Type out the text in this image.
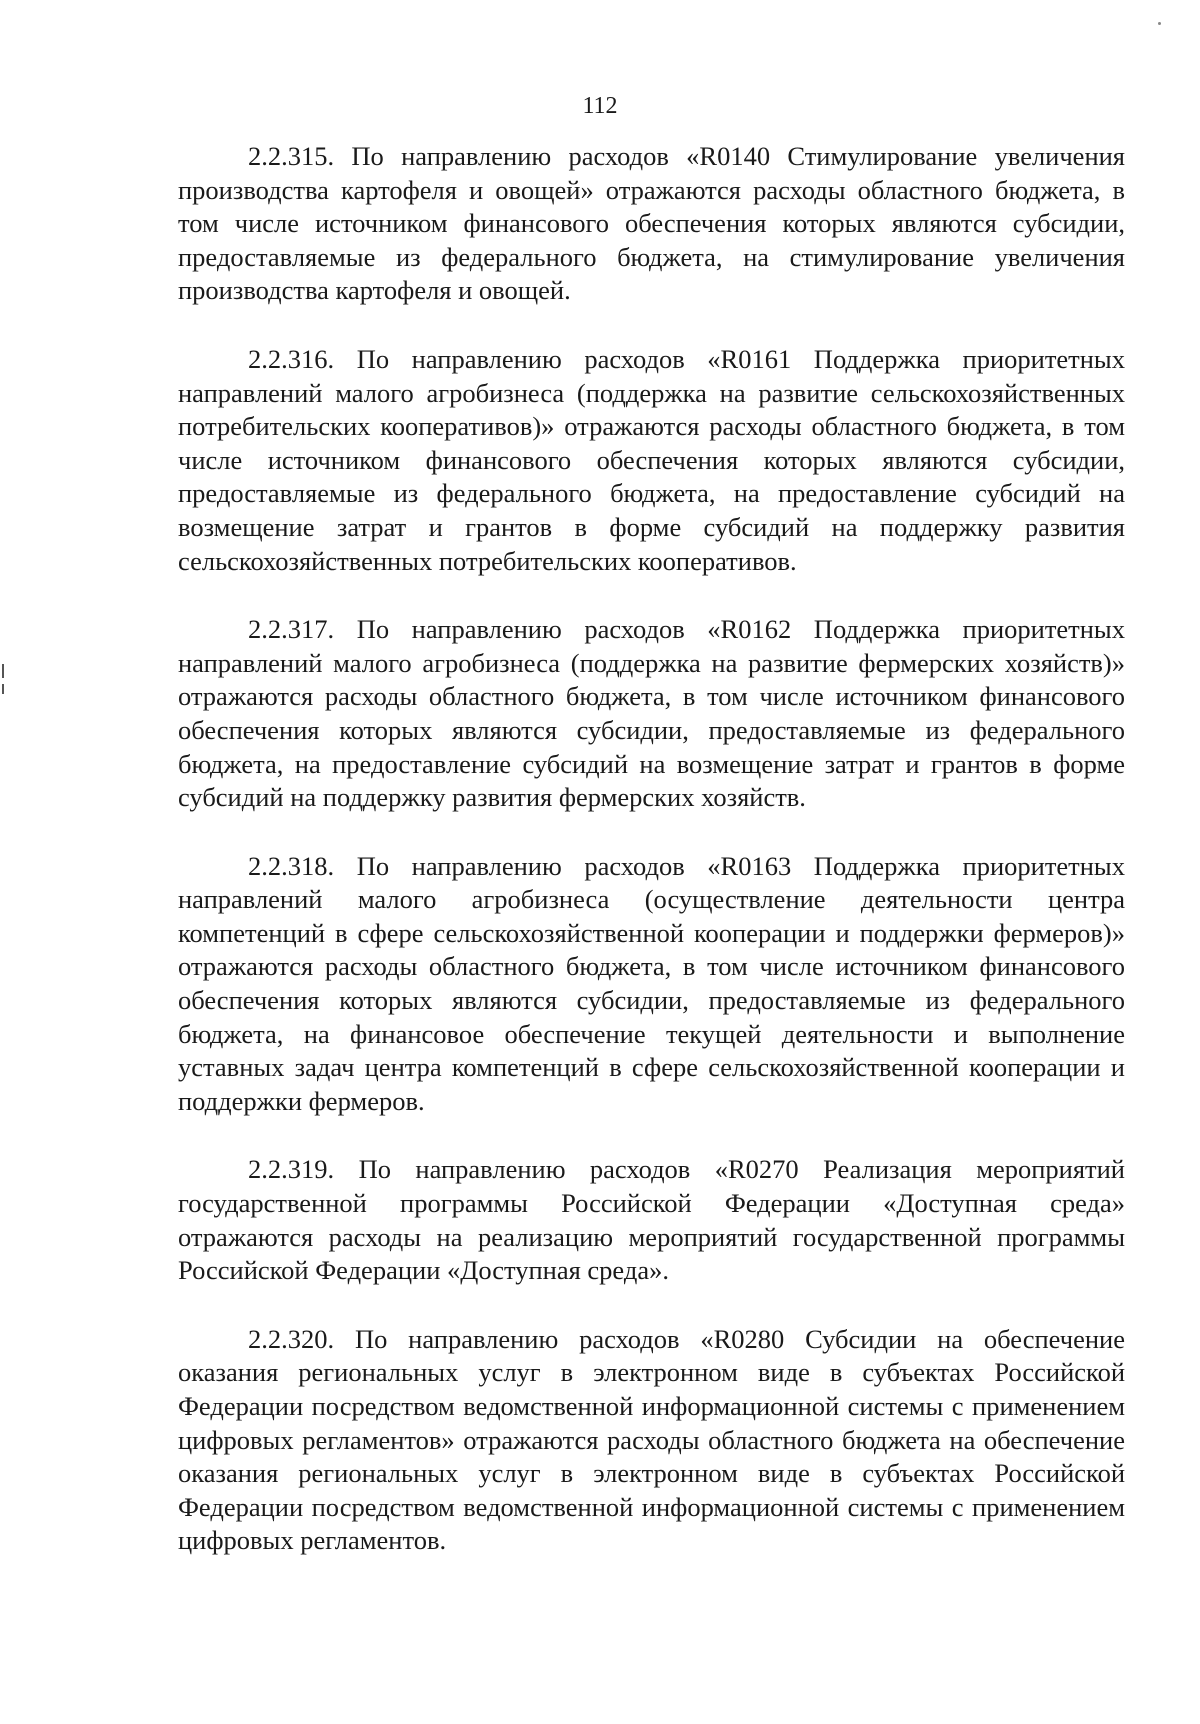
112

2.2.315. По направлению расходов «R0140 Стимулирование увеличения производства картофеля и овощей» отражаются расходы областного бюджета, в том числе источником финансового обеспечения которых являются субсидии, предоставляемые из федерального бюджета, на стимулирование увеличения производства картофеля и овощей.

2.2.316. По направлению расходов «R0161 Поддержка приоритетных направлений малого агробизнеса (поддержка на развитие сельскохозяйственных потребительских кооперативов)» отражаются расходы областного бюджета, в том числе источником финансового обеспечения которых являются субсидии, предоставляемые из федерального бюджета, на предоставление субсидий на возмещение затрат и грантов в форме субсидий на поддержку развития сельскохозяйственных потребительских кооперативов.

2.2.317. По направлению расходов «R0162 Поддержка приоритетных направлений малого агробизнеса (поддержка на развитие фермерских хозяйств)» отражаются расходы областного бюджета, в том числе источником финансового обеспечения которых являются субсидии, предоставляемые из федерального бюджета, на предоставление субсидий на возмещение затрат и грантов в форме субсидий на поддержку развития фермерских хозяйств.

2.2.318. По направлению расходов «R0163 Поддержка приоритетных направлений малого агробизнеса (осуществление деятельности центра компетенций в сфере сельскохозяйственной кооперации и поддержки фермеров)» отражаются расходы областного бюджета, в том числе источником финансового обеспечения которых являются субсидии, предоставляемые из федерального бюджета, на финансовое обеспечение текущей деятельности и выполнение уставных задач центра компетенций в сфере сельскохозяйственной кооперации и поддержки фермеров.

2.2.319. По направлению расходов «R0270 Реализация мероприятий государственной программы Российской Федерации «Доступная среда» отражаются расходы на реализацию мероприятий государственной программы Российской Федерации «Доступная среда».

2.2.320. По направлению расходов «R0280 Субсидии на обеспечение оказания региональных услуг в электронном виде в субъектах Российской Федерации посредством ведомственной информационной системы с применением цифровых регламентов» отражаются расходы областного бюджета на обеспечение оказания региональных услуг в электронном виде в субъектах Российской Федерации посредством ведомственной информационной системы с применением цифровых регламентов.
